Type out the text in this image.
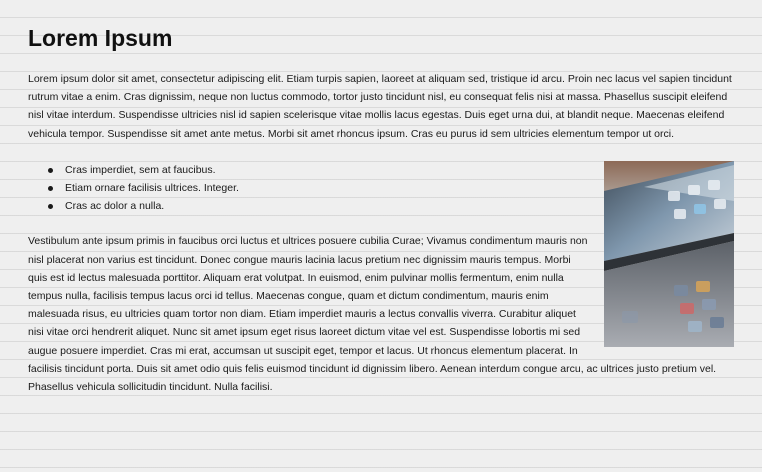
Lorem Ipsum

Lorem ipsum dolor sit amet, consectetur adipiscing elit. Etiam turpis sapien, laoreet at aliquam sed, tristique id arcu. Proin nec lacus vel sapien tincidunt rutrum vitae a enim. Cras dignissim, neque non luctus commodo, tortor justo tincidunt nisl, eu consequat felis nisi at massa. Phasellus suscipit eleifend nisl vitae interdum. Suspendisse ultricies nisl id sapien scelerisque vitae mollis lacus egestas. Duis eget urna dui, at blandit neque. Maecenas eleifend vehicula tempor. Suspendisse sit amet ante metus. Morbi sit amet rhoncus ipsum. Cras eu purus id sem ultricies elementum tempor ut orci.

Cras imperdiet, sem at faucibus.
Etiam ornare facilisis ultrices. Integer.
Cras ac dolor a nulla.

Vestibulum ante ipsum primis in faucibus orci luctus et ultrices posuere cubilia Curae; Vivamus condimentum mauris non nisl placerat non varius est tincidunt. Donec congue mauris lacinia lacus pretium nec dignissim mauris tempus. Morbi quis est id lectus malesuada porttitor. Aliquam erat volutpat. In euismod, enim pulvinar mollis fermentum, enim nulla tempus nulla, facilisis tempus lacus orci id tellus. Maecenas congue, quam et dictum condimentum, mauris enim malesuada risus, eu ultricies quam tortor non diam. Etiam imperdiet mauris a lectus convallis viverra. Curabitur aliquet nisi vitae orci hendrerit aliquet. Nunc sit amet ipsum eget risus laoreet dictum vitae vel est. Suspendisse lobortis mi sed augue posuere imperdiet. Cras mi erat, accumsan ut suscipit eget, tempor et lacus. Ut rhoncus elementum placerat. In facilisis tincidunt porta. Duis sit amet odio quis felis euismod tincidunt id dignissim libero. Aenean interdum congue arcu, ac ultrices justo pretium vel. Phasellus vehicula sollicitudin tincidunt. Nulla facilisi.
